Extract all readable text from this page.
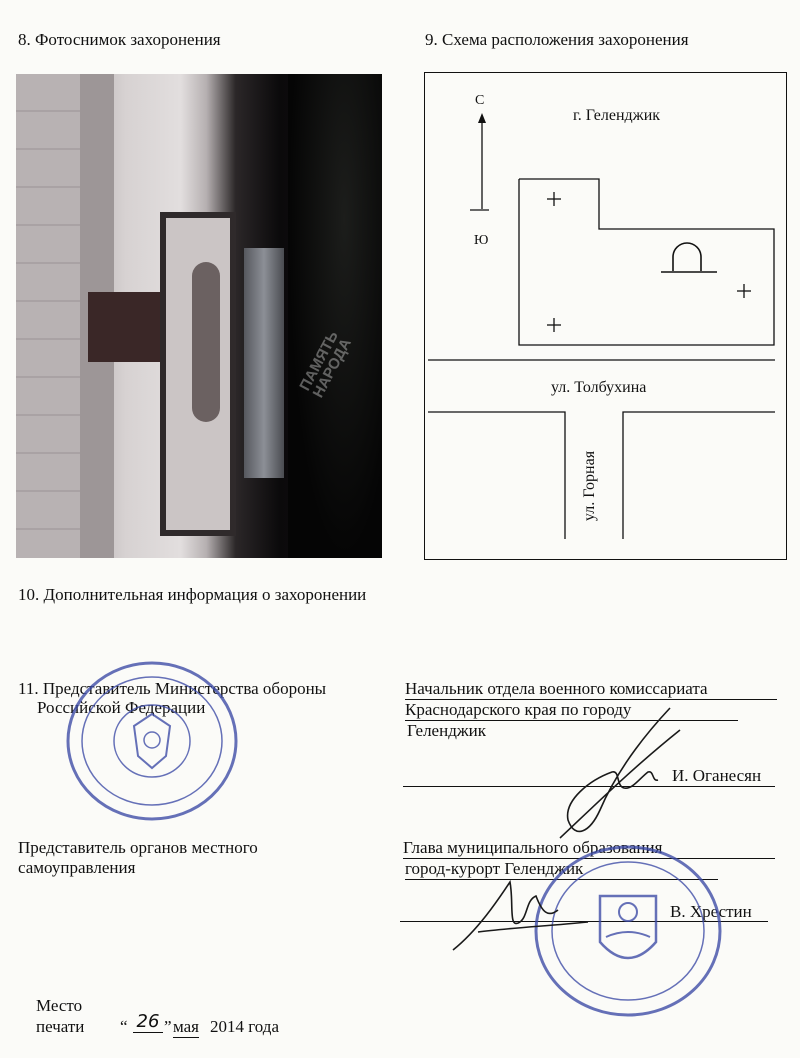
8. Фотоснимок захоронения	9. Схема расположения захоронения
ПАМЯТЬ НАРОДА
С
Ю
г. Геленджик
ул. Толбухина
ул. Горная
10. Дополнительная информация о захоронении
11. Представитель Министерства обороны
Российской Федерации
Начальник отдела военного комиссариата
Краснодарского края по городу
Геленджик
И. Оганесян
Представитель органов местного
самоуправления
Глава муниципального образования
город-курорт Геленджик
В. Хрестин
Место
печати “ 26 ” мая 2014 года
